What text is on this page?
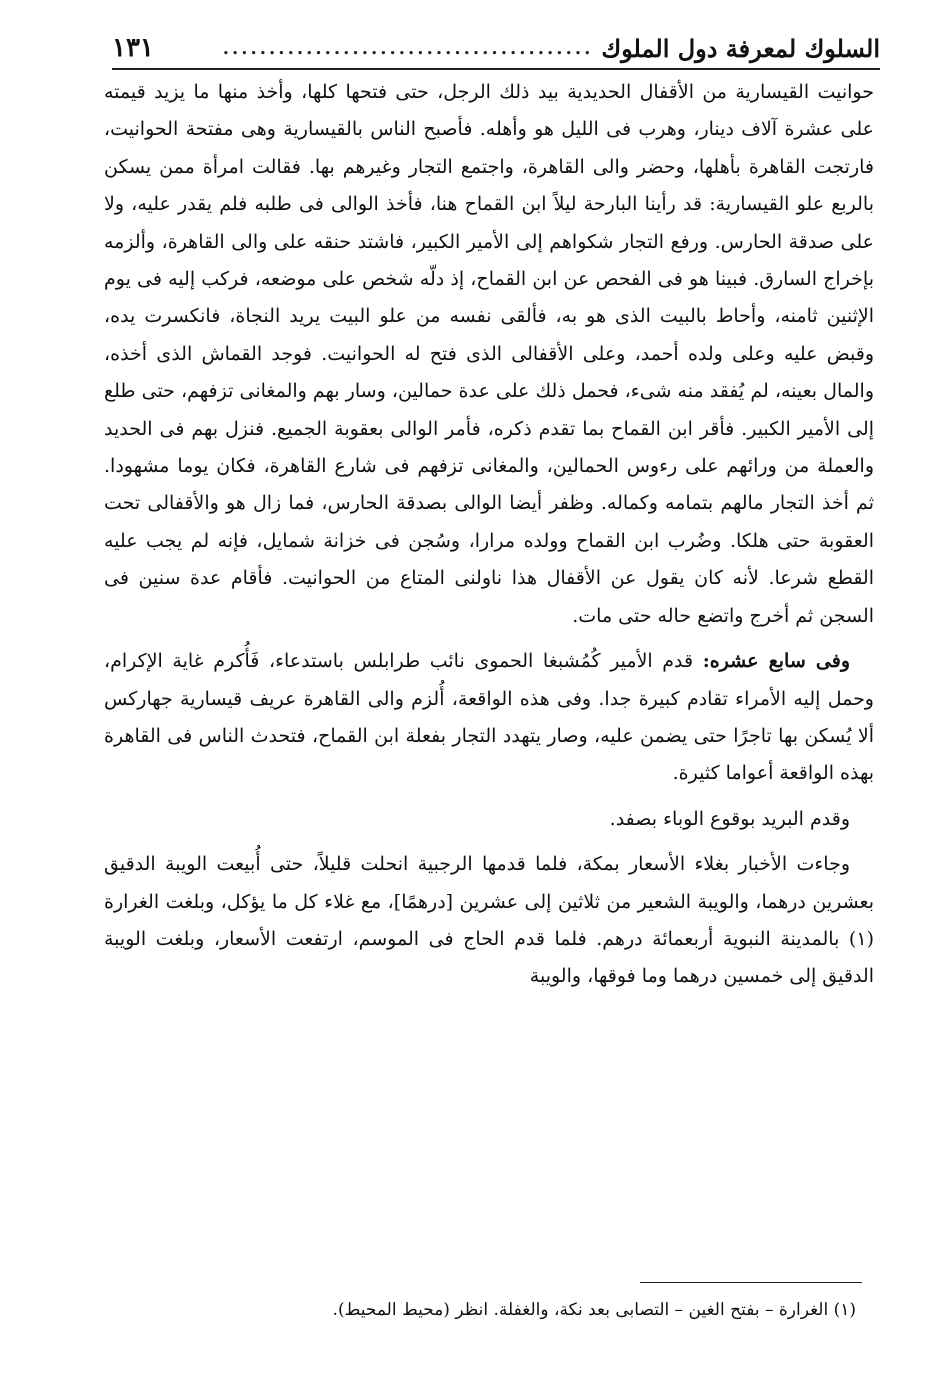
السلوك لمعرفة دول الملوك
........................................
١٣١

حوانيت القيسارية من الأقفال الحديدية بيد ذلك الرجل، حتى فتحها كلها، وأخذ منها ما يزيد قيمته على عشرة آلاف دينار، وهرب فى الليل هو وأهله. فأصبح الناس بالقيسارية وهى مفتحة الحوانيت، فارتجت القاهرة بأهلها، وحضر والى القاهرة، واجتمع التجار وغيرهم بها. فقالت امرأة ممن يسكن بالربع علو القيسارية: قد رأينا البارحة ليلاً ابن القماح هنا، فأخذ الوالى فى طلبه فلم يقدر عليه، ولا على صدقة الحارس. ورفع التجار شكواهم إلى الأمير الكبير، فاشتد حنقه على والى القاهرة، وألزمه بإخراج السارق. فبينا هو فى الفحص عن ابن القماح، إذ دلّه شخص على موضعه، فركب إليه فى يوم الإثنين ثامنه، وأحاط بالبيت الذى هو به، فألقى نفسه من علو البيت يريد النجاة، فانكسرت يده، وقبض عليه وعلى ولده أحمد، وعلى الأقفالى الذى فتح له الحوانيت. فوجد القماش الذى أخذه، والمال بعينه، لم يُفقد منه شىء، فحمل ذلك على عدة حمالين، وسار بهم والمغانى تزفهم، حتى طلع إلى الأمير الكبير. فأقر ابن القماح بما تقدم ذكره، فأمر الوالى بعقوبة الجميع. فنزل بهم فى الحديد والعملة من ورائهم على رءوس الحمالين، والمغانى تزفهم فى شارع القاهرة، فكان يوما مشهودا. ثم أخذ التجار مالهم بتمامه وكماله. وظفر أيضا الوالى بصدقة الحارس، فما زال هو والأقفالى تحت العقوبة حتى هلكا. وضُرب ابن القماح وولده مرارا، وسُجن فى خزانة شمايل، فإنه لم يجب عليه القطع شرعا. لأنه كان يقول عن الأقفال هذا ناولنى المتاع من الحوانيت. فأقام عدة سنين فى السجن ثم أخرج واتضع حاله حتى مات.

وفى سابع عشره: قدم الأمير كُمُشبغا الحموى نائب طرابلس باستدعاء، فَأُكرم غاية الإكرام، وحمل إليه الأمراء تقادم كبيرة جدا. وفى هذه الواقعة، أُلزم والى القاهرة عريف قيسارية جهاركس ألا يُسكن بها تاجرًا حتى يضمن عليه، وصار يتهدد التجار بفعلة ابن القماح، فتحدث الناس فى القاهرة بهذه الواقعة أعواما كثيرة.

وقدم البريد بوقوع الوباء بصفد.

وجاءت الأخبار بغلاء الأسعار بمكة، فلما قدمها الرجبية انحلت قليلاً، حتى أُبيعت الويبة الدقيق بعشرين درهما، والويبة الشعير من ثلاثين إلى عشرين [درهمًا]، مع غلاء كل ما يؤكل، وبلغت الغرارة (١) بالمدينة النبوية أربعمائة درهم. فلما قدم الحاج فى الموسم، ارتفعت الأسعار، وبلغت الويبة الدقيق إلى خمسين درهما وما فوقها، والويبة

(١) الغرارة – بفتح الغين – التصابى بعد نكة، والغفلة. انظر (محيط المحيط).
